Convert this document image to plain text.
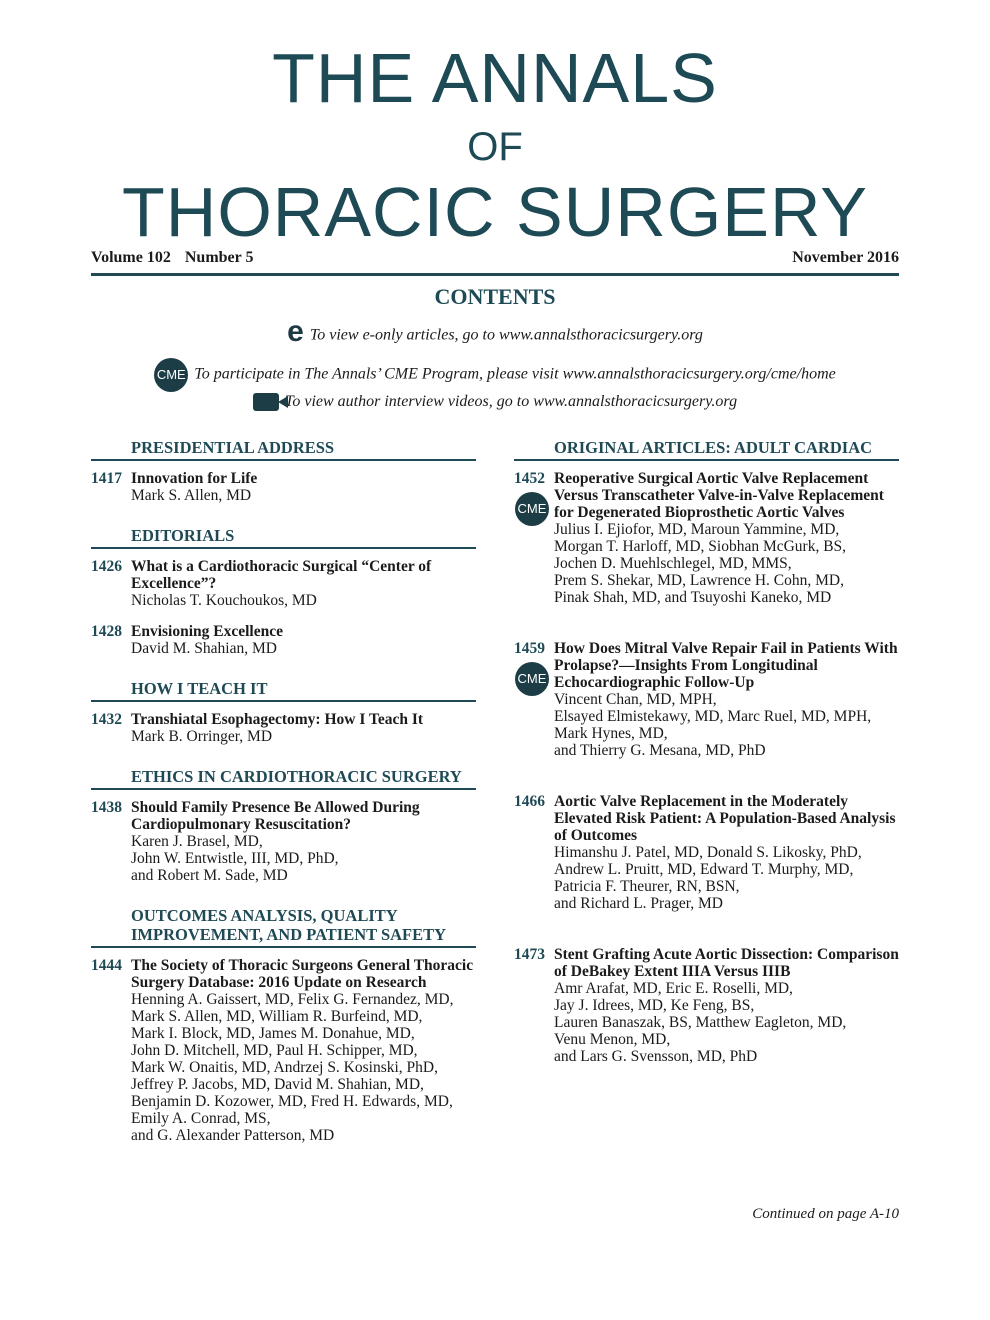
THE ANNALS
OF
THORACIC SURGERY
Volume 102 Number 5	November 2016
CONTENTS
e To view e-only articles, go to www.annalsthoracicsurgery.org
CME To participate in The Annals’ CME Program, please visit www.annalsthoracicsurgery.org/cme/home
To view author interview videos, go to www.annalsthoracicsurgery.org
PRESIDENTIAL ADDRESS
1417 Innovation for Life
Mark S. Allen, MD
EDITORIALS
1426 What is a Cardiothoracic Surgical “Center of Excellence”?
Nicholas T. Kouchoukos, MD
1428 Envisioning Excellence
David M. Shahian, MD
HOW I TEACH IT
1432 Transhiatal Esophagectomy: How I Teach It
Mark B. Orringer, MD
ETHICS IN CARDIOTHORACIC SURGERY
1438 Should Family Presence Be Allowed During Cardiopulmonary Resuscitation?
Karen J. Brasel, MD,
John W. Entwistle, III, MD, PhD,
and Robert M. Sade, MD
OUTCOMES ANALYSIS, QUALITY IMPROVEMENT, AND PATIENT SAFETY
1444 The Society of Thoracic Surgeons General Thoracic Surgery Database: 2016 Update on Research
Henning A. Gaissert, MD, Felix G. Fernandez, MD,
Mark S. Allen, MD, William R. Burfeind, MD,
Mark I. Block, MD, James M. Donahue, MD,
John D. Mitchell, MD, Paul H. Schipper, MD,
Mark W. Onaitis, MD, Andrzej S. Kosinski, PhD,
Jeffrey P. Jacobs, MD, David M. Shahian, MD,
Benjamin D. Kozower, MD, Fred H. Edwards, MD,
Emily A. Conrad, MS,
and G. Alexander Patterson, MD
ORIGINAL ARTICLES: ADULT CARDIAC
1452
CME
Reoperative Surgical Aortic Valve Replacement Versus Transcatheter Valve-in-Valve Replacement for Degenerated Bioprosthetic Aortic Valves
Julius I. Ejiofor, MD, Maroun Yammine, MD,
Morgan T. Harloff, MD, Siobhan McGurk, BS,
Jochen D. Muehlschlegel, MD, MMS,
Prem S. Shekar, MD, Lawrence H. Cohn, MD,
Pinak Shah, MD, and Tsuyoshi Kaneko, MD
1459
CME
How Does Mitral Valve Repair Fail in Patients With Prolapse?—Insights From Longitudinal Echocardiographic Follow-Up
Vincent Chan, MD, MPH,
Elsayed Elmistekawy, MD, Marc Ruel, MD, MPH,
Mark Hynes, MD,
and Thierry G. Mesana, MD, PhD
1466 Aortic Valve Replacement in the Moderately Elevated Risk Patient: A Population-Based Analysis of Outcomes
Himanshu J. Patel, MD, Donald S. Likosky, PhD,
Andrew L. Pruitt, MD, Edward T. Murphy, MD,
Patricia F. Theurer, RN, BSN,
and Richard L. Prager, MD
1473 Stent Grafting Acute Aortic Dissection: Comparison of DeBakey Extent IIIA Versus IIIB
Amr Arafat, MD, Eric E. Roselli, MD,
Jay J. Idrees, MD, Ke Feng, BS,
Lauren Banaszak, BS, Matthew Eagleton, MD,
Venu Menon, MD,
and Lars G. Svensson, MD, PhD
Continued on page A-10
